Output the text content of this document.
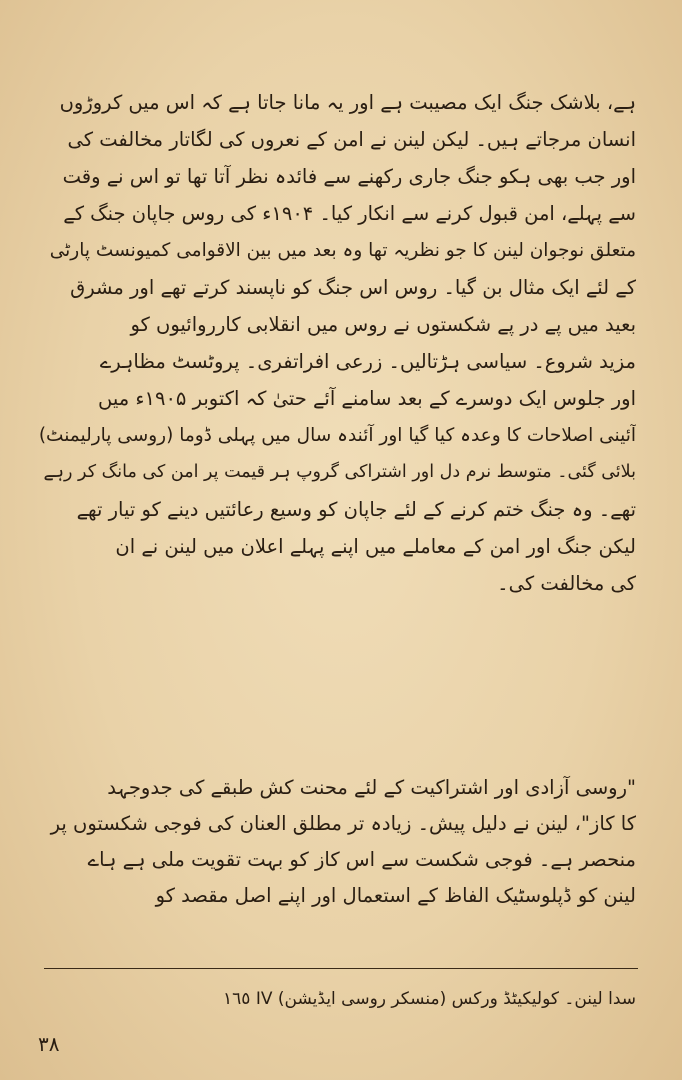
ہے، بلاشک جنگ ایک مصیبت ہے اور یہ مانا جاتا ہے کہ اس میں کروڑوں
انسان مرجاتے ہیں۔ لیکن لینن نے امن کے نعروں کی لگاتار مخالفت کی
اور جب بھی ہکو جنگ جاری رکھنے سے فائدہ نظر آتا تھا تو اس نے وقت
سے پہلے، امن قبول کرنے سے انکار کیا۔ ۱۹۰۴ء کی روس جاپان جنگ کے
متعلق نوجوان لینن کا جو نظریہ تھا وہ بعد میں بین الاقوامی کمیونسٹ پارٹی
کے لئے ایک مثال بن گیا۔ روس اس جنگ کو ناپسند کرتے تھے اور مشرق
بعید میں پے در پے شکستوں نے روس میں انقلابی کارروائیوں کو
مزید شروع۔ سیاسی ہڑتالیں۔ زرعی افراتفری۔ پروٹسٹ مظاہرے
اور جلوس ایک دوسرے کے بعد سامنے آئے حتیٰ کہ اکتوبر ۱۹۰۵ء میں
آئینی اصلاحات کا وعدہ کیا گیا اور آئندہ سال میں پہلی ڈوما (روسی پارلیمنٹ)
بلائی گئی۔ متوسط نرم دل اور اشتراکی گروپ ہر قیمت پر امن کی مانگ کر رہے
تھے۔ وہ جنگ ختم کرنے کے لئے جاپان کو وسیع رعائتیں دینے کو تیار تھے
لیکن جنگ اور امن کے معاملے میں اپنے پہلے اعلان میں لینن نے ان
کی مخالفت کی۔
"روسی آزادی اور اشتراکیت کے لئے محنت کش طبقے کی جدوجہد
کا کاز"، لینن نے دلیل پیش۔ زیادہ تر مطلق العنان کی فوجی شکستوں پر
منحصر ہے۔ فوجی شکست سے اس کاز کو بہت تقویت ملی ہے ہاے
لینن کو ڈپلوسٹیک الفاظ کے استعمال اور اپنے اصل مقصد کو
سدا لینن۔ کولیکیٹڈ ورکس (منسکر روسی ایڈیشن) IV ١٦٥
۳۸
